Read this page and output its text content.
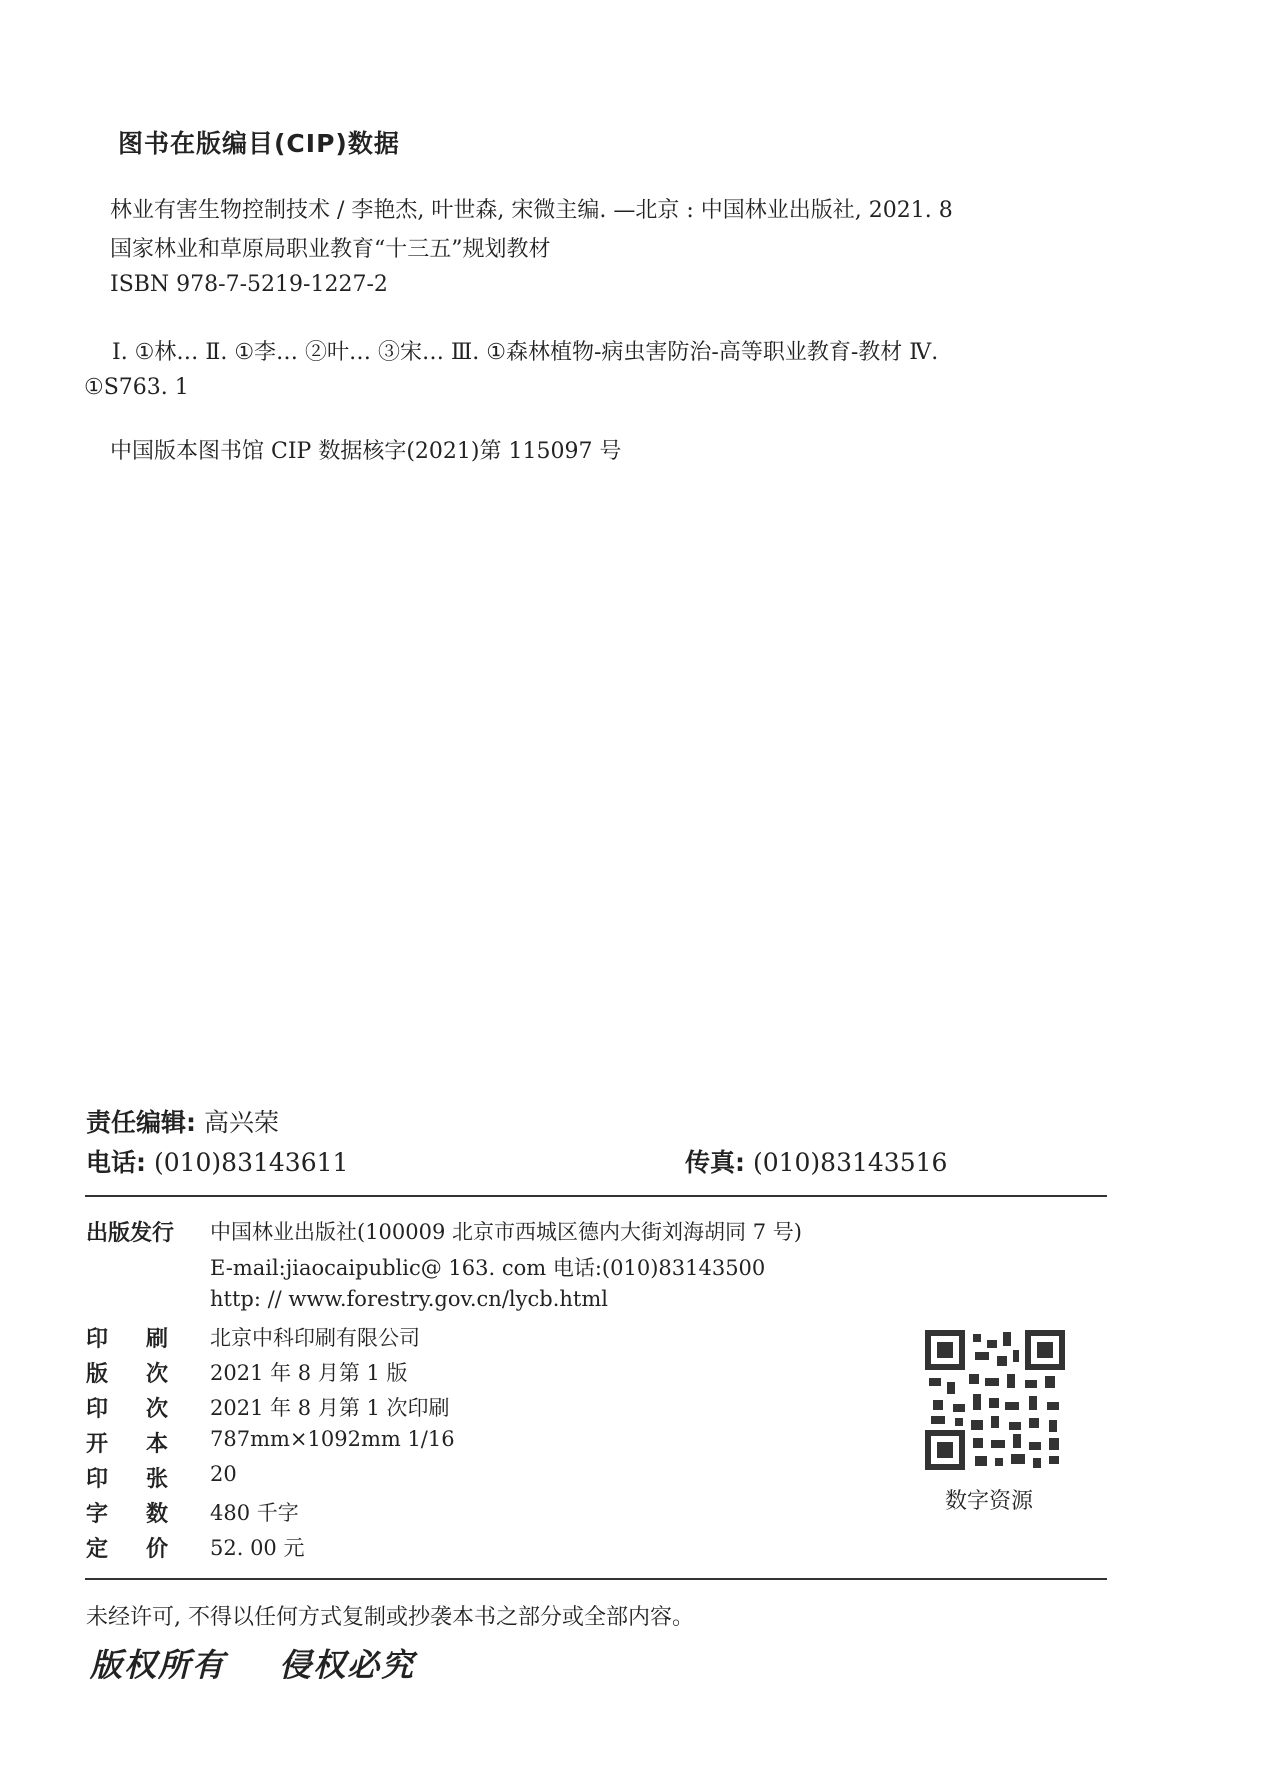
图书在版编目(CIP)数据
林业有害生物控制技术 / 李艳杰, 叶世森, 宋微主编. —北京 : 中国林业出版社, 2021. 8
国家林业和草原局职业教育“十三五”规划教材
ISBN 978-7-5219-1227-2
Ⅰ. ①林… Ⅱ. ①李… ②叶… ③宋… Ⅲ. ①森林植物-病虫害防治-高等职业教育-教材 Ⅳ.
①S763. 1
中国版本图书馆 CIP 数据核字(2021)第 115097 号
责任编辑: 高兴荣
电话: (010)83143611	传真: (010)83143516
出版发行 中国林业出版社(100009 北京市西城区德内大街刘海胡同 7 号)
E-mail:jiaocaipublic@ 163. com 电话:(010)83143500
http: // www.forestry.gov.cn/lycb.html
印刷 北京中科印刷有限公司
版次 2021 年 8 月第 1 版
印次 2021 年 8 月第 1 次印刷
开本 787mm×1092mm 1/16
印张 20
字数 480 千字
定价 52. 00 元
数字资源
未经许可, 不得以任何方式复制或抄袭本书之部分或全部内容。
版权所有 侵权必究
